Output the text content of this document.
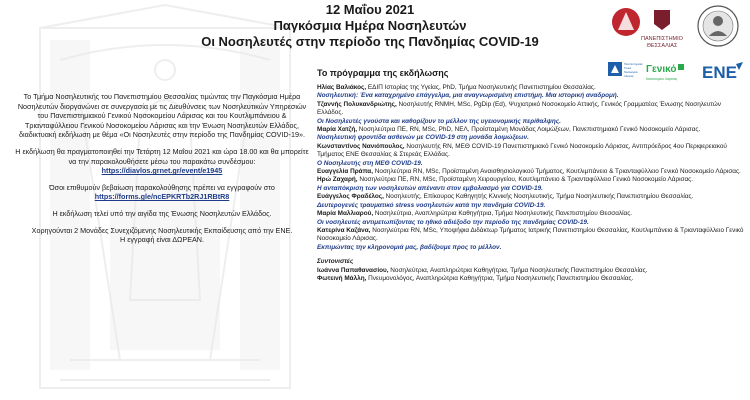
12 Μαΐου 2021
Παγκόσμια Ημέρα Νοσηλευτών
Οι Νοσηλευτές στην περίοδο της Πανδημίας COVID-19	ΠΑΝΕΠΙΣΤΗΜΙΟ
ΘΕΣΣΑΛΙΑΣ
Πανεπιστημιακό
Γενικό
Νοσοκομείο
Λάρισας
Γενικό
Νοσοκομείο Λάρισας ENE

Το Τμήμα Νοσηλευτικής του Πανεπιστημίου Θεσσαλίας τιμώντας την Παγκόσμια Ημέρα Νοσηλευτών διοργανώνει σε συνεργασία με τις Διευθύνσεις των Νοσηλευτικών Υπηρεσιών του Πανεπιστημιακού Γενικού Νοσοκομείου Λάρισας και του Κουτλιμπάνειου & Τριανταφύλλειου Γενικού Νοσοκομείου Λάρισας και την Ένωση Νοσηλευτών Ελλάδος, διαδικτυακή εκδήλωση με θέμα «Οι Νοσηλευτές στην περίοδο της Πανδημίας COVID-19».

Η εκδήλωση θα πραγματοποιηθεί την Τετάρτη 12 Μαΐου 2021 και ώρα 18.00 και θα μπορείτε να την παρακολουθήσετε μέσω του παρακάτω συνδέσμου:
https://diavlos.grnet.gr/event/e1945

Όσοι επιθυμούν βεβαίωση παρακολούθησης πρέπει να εγγραφούν στο
https://forms.gle/ncEPKRTb2RJ1RBtR8

Η εκδήλωση τελεί υπό την αιγίδα της Ένωσης Νοσηλευτών Ελλάδος.

Χορηγούνται 2 Μονάδες Συνεχιζόμενης Νοσηλευτικής Εκπαίδευσης από την ΕΝΕ.
Η εγγραφή είναι ΔΩΡΕΑΝ.

Το πρόγραμμα της εκδήλωσης
Ηλίας Βαλιάκος, ΕΔΙΠ Ιστορίας της Υγείας, PhD, Τμήμα Νοσηλευτικής Πανεπιστημίου Θεσσαλίας.
Νοσηλευτική: Ένα καταχρημένο επάγγελμα, μια αναγνωρισμένη επιστήμη. Μια ιστορική αναδρομή.
Τζαννής Πολυκανδριώτης, Νοσηλευτής RNMH, MSc, PgDip (Ed), Ψυχιατρικό Νοσοκομείο Αττικής, Γενικός Γραμματέας Ένωσης Νοσηλευτών Ελλάδος.
Οι Νοσηλευτές γνούστα και καθορίζουν το μέλλον της υγειονομικής περίθαλψης.
Μαρία Χατζή, Νοσηλεύτρια ΠΕ, RN, MSc, PhD, ΝΕΛ, Προϊσταμένη Μονάδας Λοιμώξεων, Πανεπιστημιακό Γενικό Νοσοκομείο Λάρισας.
Νοσηλευτική φροντίδα ασθενών με COVID-19 στη μονάδα λοιμώξεων.
Κωνσταντίνος Νανιόπουλος, Νοσηλευτής RN, ΜΕΘ COVID-19 Πανεπιστημιακό Γενικό Νοσοκομείο Λάρισας, Αντιπρόεδρος 4ου Περιφερειακού Τμήματος ΕΝΕ Θεσσαλίας & Στερεάς Ελλάδας.
Ο Νοσηλευτής στη ΜΕΘ COVID-19.
Ευαγγελία Πράπα, Νοσηλεύτρια RN, MSc, Προϊσταμένη Αναισθησιολογικού Τμήματος, Κουτλιμπάνειο & Τριανταφύλλειο Γενικό Νοσοκομείο Λάρισας.
Ηρώ Ζαχαρή, Νοσηλεύτρια ΠΕ, RN, MSc, Προϊσταμένη Χειρουργείου, Κουτλιμπάνειο & Τριανταφύλλειο Γενικό Νοσοκομείο Λάρισας.
Η ανταπόκριση των νοσηλευτών απέναντι στον εμβολιασμό για COVID-19.
Ευάγγελος Φραδέλος, Νοσηλευτής, Επίκουρος Καθηγητής Κλινικής Νοσηλευτικής, Τμήμα Νοσηλευτικής Πανεπιστημίου Θεσσαλίας.
Δευτερογενές τραυματικό stress νοσηλευτών κατά την πανδημία COVID-19.
Μαρία Μαλλιαρού, Νοσηλεύτρια, Αναπληρώτρια Καθηγήτρια, Τμήμα Νοσηλευτικής Πανεπιστημίου Θεσσαλίας.
Οι νοσηλευτές αντιμετωπίζοντας το ηθικό αδιέξοδο την περίοδο της πανδημίας COVID-19.
Κατερίνα Καζάνα, Νοσηλεύτρια RN, MSc, Υποψήφια Διδάκτωρ Τμήματος Ιατρικής Πανεπιστημίου Θεσσαλίας, Κουτλιμπάνειο & Τριανταφύλλειο Γενικό Νοσοκομείο Λάρισας.
Εκπιμώντας την κληρονομιά μας, βαδίζουμε προς το μέλλον.
Συντονιστές
Ιωάννα Παπαθανασίου, Νοσηλεύτρια, Αναπληρώτρια Καθηγήτρια, Τμήμα Νοσηλευτικής Πανεπιστημίου Θεσσαλίας.
Φωτεινή Μάλλη, Πνευμονολόγος, Αναπληρώτρια Καθηγήτρια, Τμήμα Νοσηλευτικής Πανεπιστημίου Θεσσαλίας.
